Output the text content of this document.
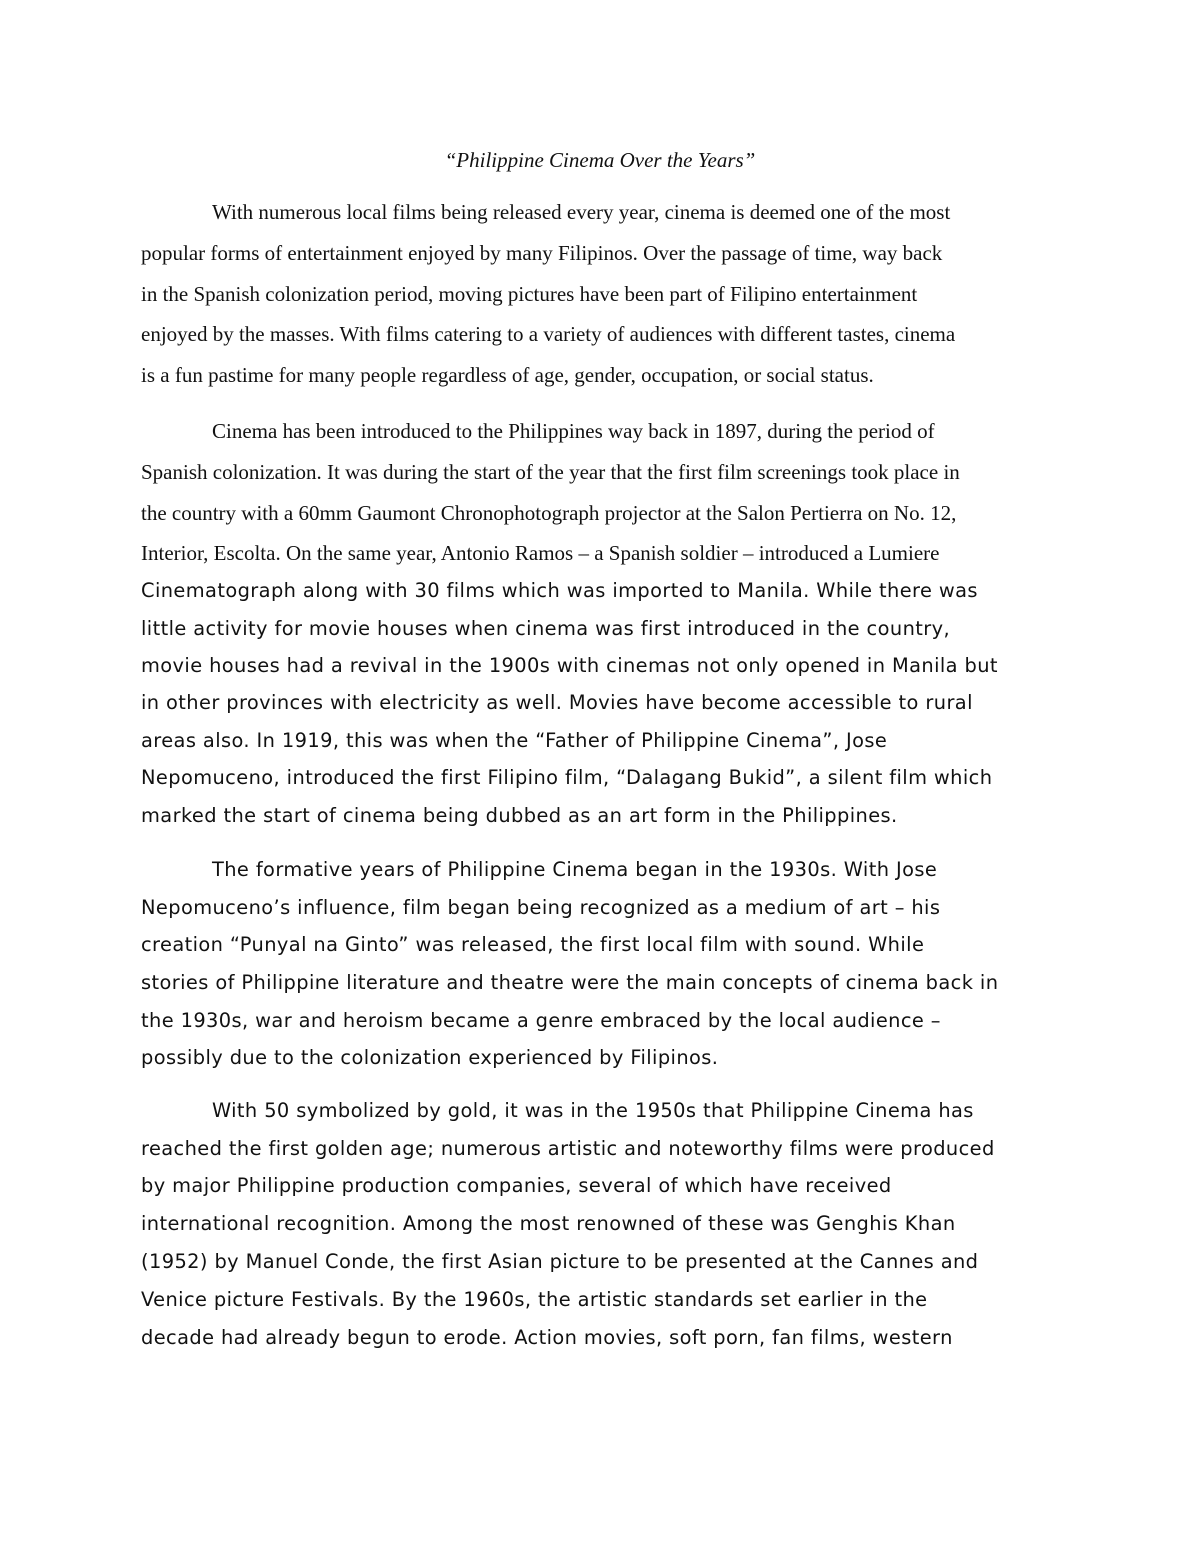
“Philippine Cinema Over the Years”

With numerous local films being released every year, cinema is deemed one of the most

popular forms of entertainment enjoyed by many Filipinos. Over the passage of time, way back

in the Spanish colonization period, moving pictures have been part of Filipino entertainment

enjoyed by the masses. With films catering to a variety of audiences with different tastes, cinema

is a fun pastime for many people regardless of age, gender, occupation, or social status.

Cinema has been introduced to the Philippines way back in 1897, during the period of

Spanish colonization. It was during the start of the year that the first film screenings took place in

the country with a 60mm Gaumont Chronophotograph projector at the Salon Pertierra on No. 12,

Interior, Escolta. On the same year, Antonio Ramos – a Spanish soldier – introduced a Lumiere

Cinematograph along with 30 films which was imported to Manila. While there was

little activity for movie houses when cinema was first introduced in the country,

movie houses had a revival in the 1900s with cinemas not only opened in Manila but

in other provinces with electricity as well. Movies have become accessible to rural

areas also. In 1919, this was when the “Father of Philippine Cinema”, Jose

Nepomuceno, introduced the first Filipino film, “Dalagang Bukid”, a silent film which

marked the start of cinema being dubbed as an art form in the Philippines.

The formative years of Philippine Cinema began in the 1930s. With Jose

Nepomuceno’s influence, film began being recognized as a medium of art – his

creation “Punyal na Ginto” was released, the first local film with sound. While

stories of Philippine literature and theatre were the main concepts of cinema back in

the 1930s, war and heroism became a genre embraced by the local audience –

possibly due to the colonization experienced by Filipinos.

With 50 symbolized by gold, it was in the 1950s that Philippine Cinema has

reached the first golden age; numerous artistic and noteworthy films were produced

by major Philippine production companies, several of which have received

international recognition. Among the most renowned of these was Genghis Khan

(1952) by Manuel Conde, the first Asian picture to be presented at the Cannes and

Venice picture Festivals. By the 1960s, the artistic standards set earlier in the

decade had already begun to erode. Action movies, soft porn, fan films, western
